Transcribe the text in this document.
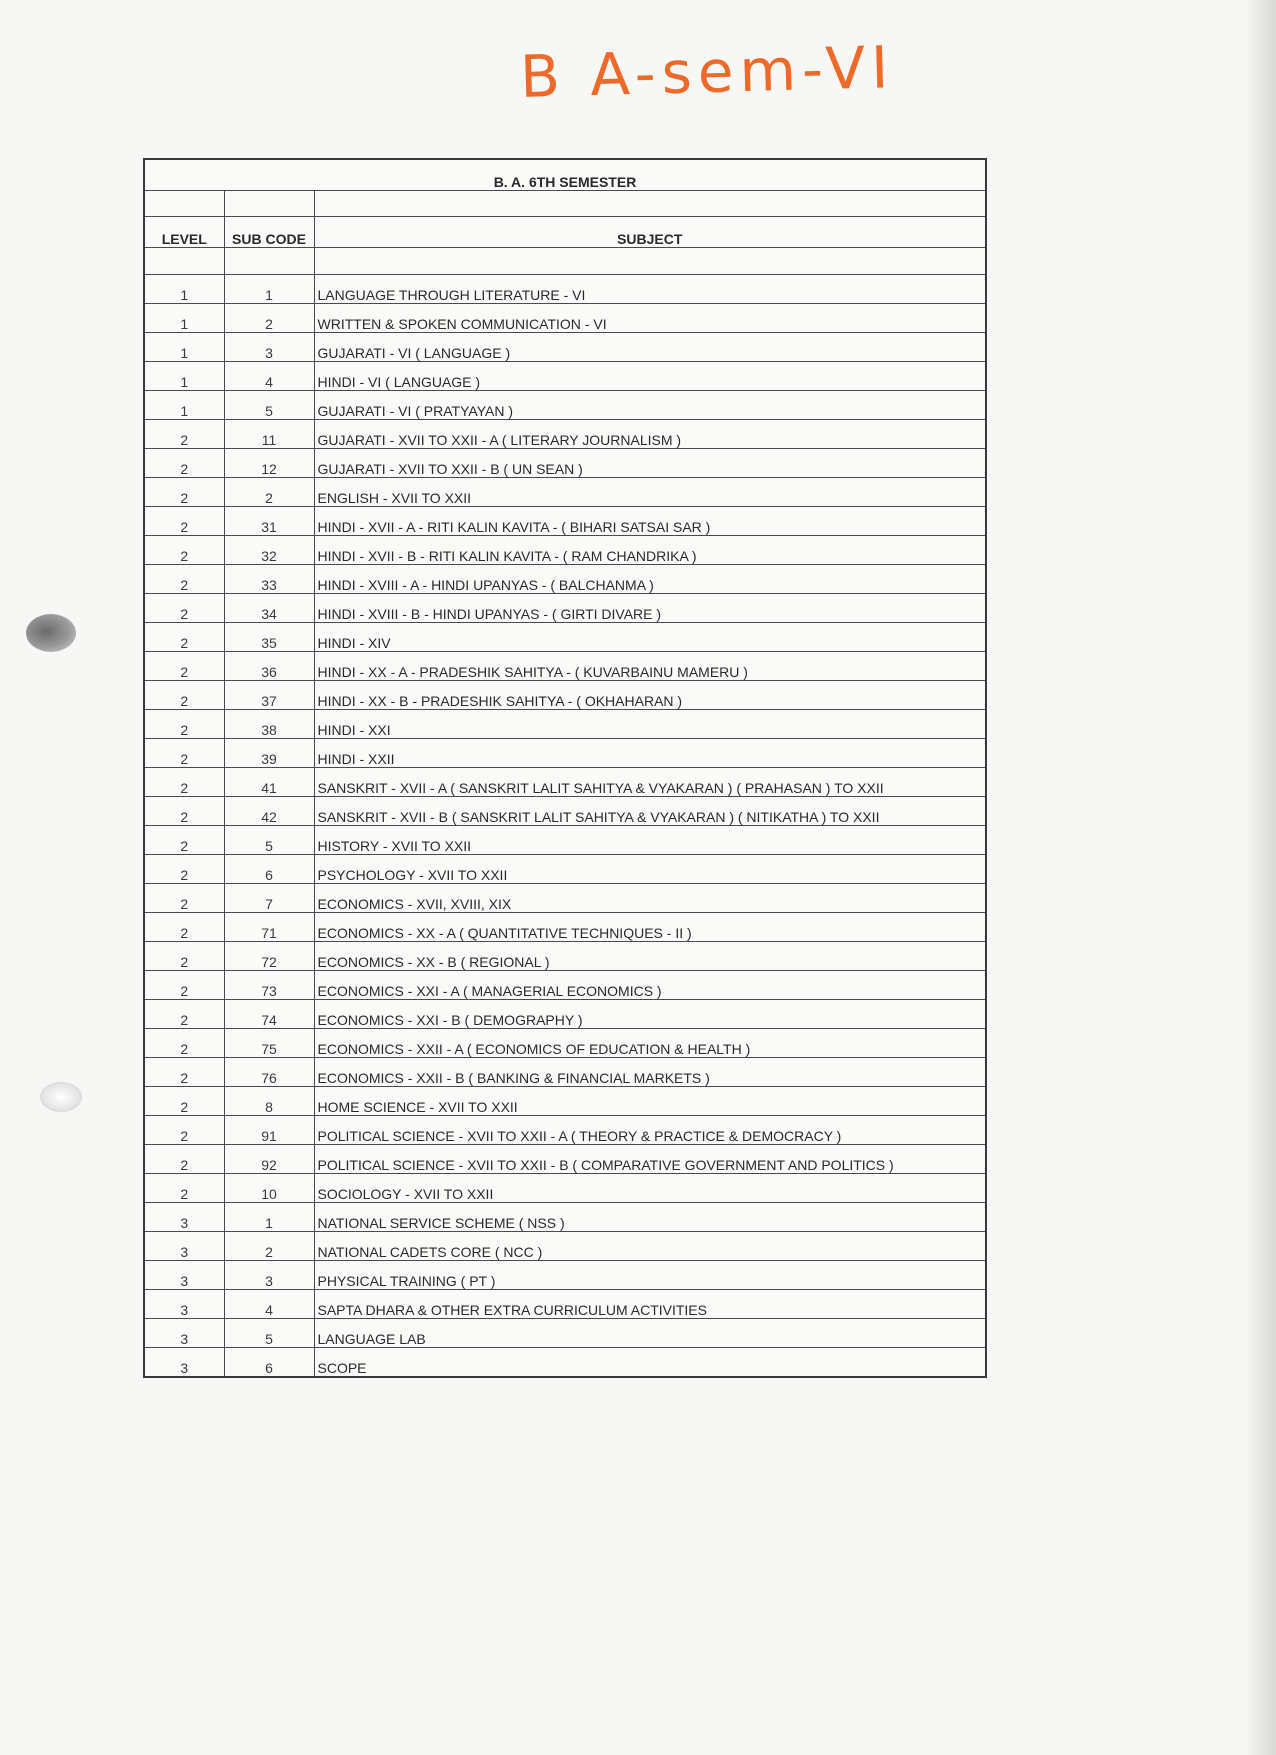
B A-sem-VI
B. A. 6TH SEMESTER		

LEVEL	SUB CODE	SUBJECT

1	1	LANGUAGE THROUGH LITERATURE - VI
1	2	WRITTEN & SPOKEN COMMUNICATION - VI
1	3	GUJARATI - VI ( LANGUAGE )
1	4	HINDI - VI ( LANGUAGE )
1	5	GUJARATI - VI ( PRATYAYAN )
2	11	GUJARATI - XVII TO XXII - A ( LITERARY JOURNALISM )
2	12	GUJARATI - XVII TO XXII - B ( UN SEAN )
2	2	ENGLISH - XVII TO XXII
2	31	HINDI - XVII - A - RITI KALIN KAVITA - ( BIHARI SATSAI SAR )
2	32	HINDI - XVII - B - RITI KALIN KAVITA - ( RAM CHANDRIKA )
2	33	HINDI - XVIII - A - HINDI UPANYAS - ( BALCHANMA )
2	34	HINDI - XVIII - B - HINDI UPANYAS - ( GIRTI DIVARE )
2	35	HINDI - XIV
2	36	HINDI - XX - A - PRADESHIK SAHITYA - ( KUVARBAINU MAMERU )
2	37	HINDI - XX - B - PRADESHIK SAHITYA - ( OKHAHARAN )
2	38	HINDI - XXI
2	39	HINDI - XXII
2	41	SANSKRIT - XVII - A ( SANSKRIT LALIT SAHITYA & VYAKARAN ) ( PRAHASAN ) TO XXII
2	42	SANSKRIT - XVII - B ( SANSKRIT LALIT SAHITYA & VYAKARAN ) ( NITIKATHA ) TO XXII
2	5	HISTORY - XVII TO XXII
2	6	PSYCHOLOGY - XVII TO XXII
2	7	ECONOMICS - XVII, XVIII, XIX
2	71	ECONOMICS - XX - A ( QUANTITATIVE TECHNIQUES - II )
2	72	ECONOMICS - XX - B ( REGIONAL )
2	73	ECONOMICS - XXI - A ( MANAGERIAL ECONOMICS )
2	74	ECONOMICS - XXI - B ( DEMOGRAPHY )
2	75	ECONOMICS - XXII - A ( ECONOMICS OF EDUCATION & HEALTH )
2	76	ECONOMICS - XXII - B ( BANKING & FINANCIAL MARKETS )
2	8	HOME SCIENCE - XVII TO XXII
2	91	POLITICAL SCIENCE - XVII TO XXII - A ( THEORY & PRACTICE & DEMOCRACY )
2	92	POLITICAL SCIENCE - XVII TO XXII - B ( COMPARATIVE GOVERNMENT AND POLITICS )
2	10	SOCIOLOGY - XVII TO XXII
3	1	NATIONAL SERVICE SCHEME ( NSS )
3	2	NATIONAL CADETS CORE ( NCC )
3	3	PHYSICAL TRAINING ( PT )
3	4	SAPTA DHARA & OTHER EXTRA CURRICULUM ACTIVITIES
3	5	LANGUAGE LAB
3	6	SCOPE
